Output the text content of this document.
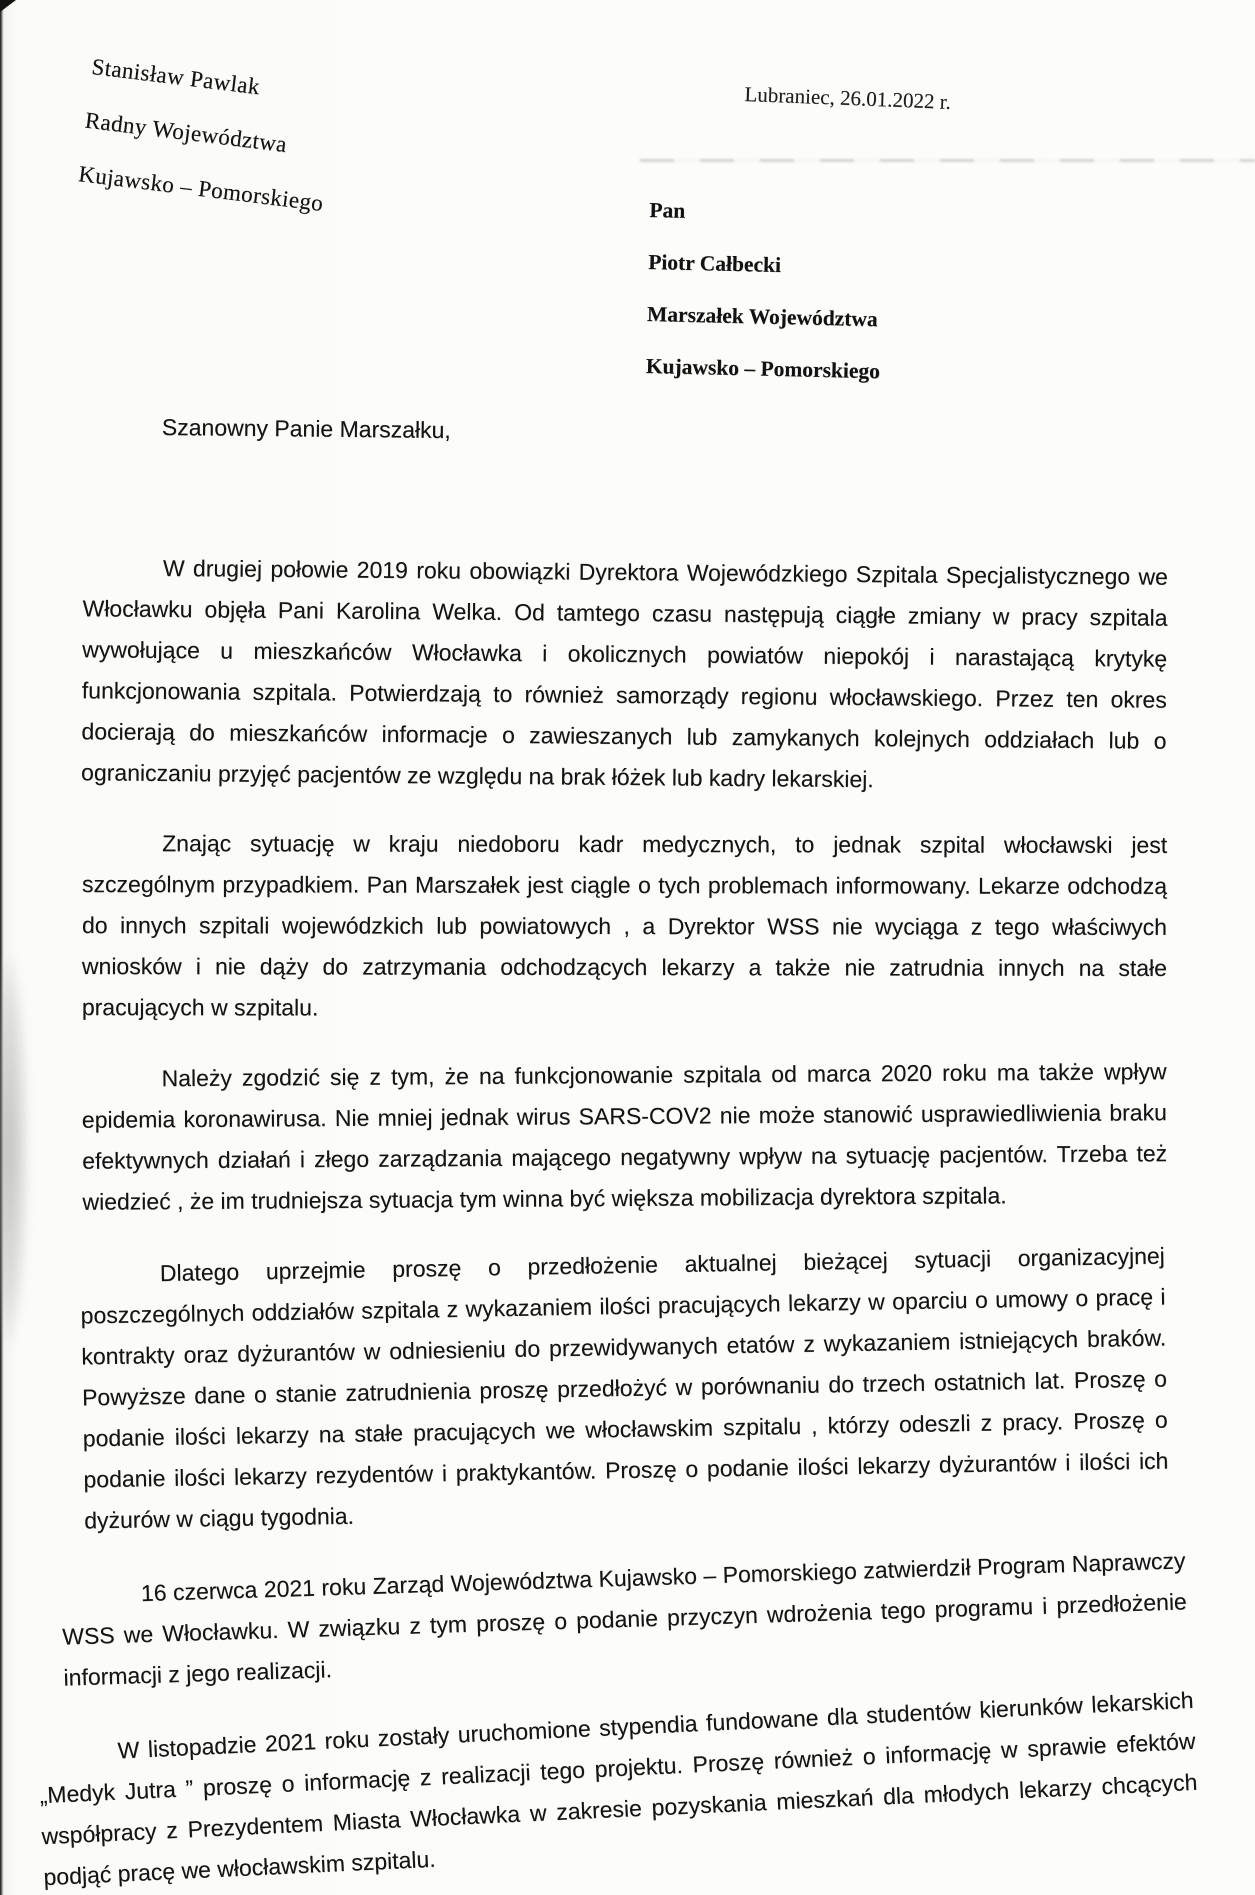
Stanisław Pawlak
Radny Województwa
Kujawsko – Pomorskiego
Lubraniec, 26.01.2022 r.
Pan
Piotr Całbecki
Marszałek Województwa
Kujawsko – Pomorskiego
Szanowny Panie Marszałku,

W drugiej połowie 2019 roku obowiązki Dyrektora Wojewódzkiego Szpitala Specjalistycznego we Włocławku objęła Pani Karolina Welka. Od tamtego czasu następują ciągłe zmiany w pracy szpitala wywołujące u mieszkańców Włocławka i okolicznych powiatów niepokój i narastającą krytykę funkcjonowania szpitala. Potwierdzają to również samorządy regionu włocławskiego. Przez ten okres docierają do mieszkańców informacje o zawieszanych lub zamykanych kolejnych oddziałach lub o ograniczaniu przyjęć pacjentów ze względu na brak łóżek lub kadry lekarskiej.

Znając sytuację w kraju niedoboru kadr medycznych, to jednak szpital włocławski jest szczególnym przypadkiem. Pan Marszałek jest ciągle o tych problemach informowany. Lekarze odchodzą do innych szpitali wojewódzkich lub powiatowych , a Dyrektor WSS nie wyciąga z tego właściwych wniosków i nie dąży do zatrzymania odchodzących lekarzy a także nie zatrudnia innych na stałe pracujących w szpitalu.

Należy zgodzić się z tym, że na funkcjonowanie szpitala od marca 2020 roku ma także wpływ epidemia koronawirusa. Nie mniej jednak wirus SARS-COV2 nie może stanowić usprawiedliwienia braku efektywnych działań i złego zarządzania mającego negatywny wpływ na sytuację pacjentów. Trzeba też wiedzieć , że im trudniejsza sytuacja tym winna być większa mobilizacja dyrektora szpitala.

Dlatego uprzejmie proszę o przedłożenie aktualnej bieżącej sytuacji organizacyjnej poszczególnych oddziałów szpitala z wykazaniem ilości pracujących lekarzy w oparciu o umowy o pracę i kontrakty oraz dyżurantów w odniesieniu do przewidywanych etatów z wykazaniem istniejących braków. Powyższe dane o stanie zatrudnienia proszę przedłożyć w porównaniu do trzech ostatnich lat. Proszę o podanie ilości lekarzy na stałe pracujących we włocławskim szpitalu , którzy odeszli z pracy. Proszę o podanie ilości lekarzy rezydentów i praktykantów. Proszę o podanie ilości lekarzy dyżurantów i ilości ich dyżurów w ciągu tygodnia.

16 czerwca 2021 roku Zarząd Województwa Kujawsko – Pomorskiego zatwierdził Program Naprawczy WSS we Włocławku. W związku z tym proszę o podanie przyczyn wdrożenia tego programu i przedłożenie informacji z jego realizacji.

W listopadzie 2021 roku zostały uruchomione stypendia fundowane dla studentów kierunków lekarskich „Medyk Jutra ” proszę o informację z realizacji tego projektu. Proszę również o informację w sprawie efektów współpracy z Prezydentem Miasta Włocławka w zakresie pozyskania mieszkań dla młodych lekarzy chcących podjąć pracę we włocławskim szpitalu.
